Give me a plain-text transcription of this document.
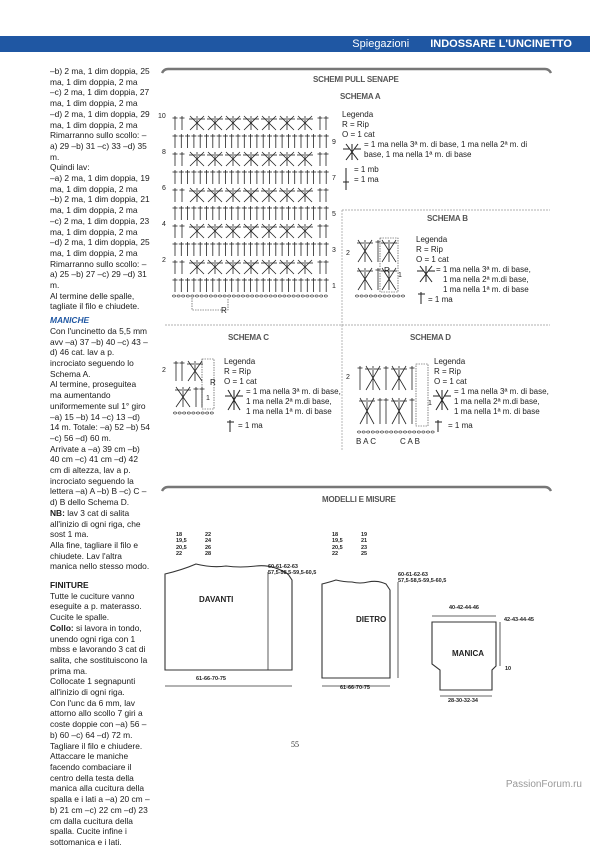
Spiegazioni INDOSSARE L'UNCINETTO

–b) 2 ma, 1 dim doppia, 25 ma, 1 dim doppia, 2 ma

–c) 2 ma, 1 dim doppia, 27 ma, 1 dim doppia, 2 ma

–d) 2 ma, 1 dim doppia, 29 ma, 1 dim doppia, 2 ma

Rimarranno sullo scollo: –a) 29 –b) 31 –c) 33 –d) 35 m.

Quindi lav:

–a) 2 ma, 1 dim doppia, 19 ma, 1 dim doppia, 2 ma

–b) 2 ma, 1 dim doppia, 21 ma, 1 dim doppia, 2 ma

–c) 2 ma, 1 dim doppia, 23 ma, 1 dim doppia, 2 ma

–d) 2 ma, 1 dim doppia, 25 ma, 1 dim doppia, 2 ma

Rimarranno sullo scollo: –a) 25 –b) 27 –c) 29 –d) 31 m.

Al termine delle spalle, tagliate il filo e chiudete.

MANICHE

Con l'uncinetto da 5,5 mm avv –a) 37 –b) 40 –c) 43 –d) 46 cat. lav a p. incrociato seguendo lo Schema A.

Al termine, proseguitea ma aumentando uniformemente sul 1° giro –a) 15 –b) 14 –c) 13 –d) 14 m. Totale: –a) 52 –b) 54 –c) 56 –d) 60 m.

Arrivate a –a) 39 cm –b) 40 cm –c) 41 cm –d) 42 cm di altezza, lav a p. incrociato seguendo la lettera –a) A –b) B –c) C –d) B dello Schema D.

NB: lav 3 cat di salita all'inizio di ogni riga, che sost 1 ma.

Alla fine, tagliare il filo e chiudete. Lav l'altra manica nello stesso modo.

FINITURE

Tutte le cuciture vanno eseguite a p. materasso.

Cucite le spalle.

Collo: si lavora in tondo, unendo ogni riga con 1 mbss e lavorando 3 cat di salita, che sostituiscono la prima ma.

Collocate 1 segnapunti all'inizio di ogni riga.

Con l'unc da 6 mm, lav attorno allo scollo 7 giri a coste doppie con –a) 56 –b) 60 –c) 64 –d) 72 m. Tagliare il filo e chiudere.

Attaccare le maniche facendo combaciare il centro della testa della manica alla cucitura della spalla e i lati a –a) 20 cm –b) 21 cm –c) 22 cm –d) 23 cm dalla cucitura della spalla. Cucite infine i sottomanica e i lati.

SCHEMI PULL SENAPE
SCHEMA A
SCHEMA B
SCHEMA C	SCHEMA D
10
8
6
4
2
9
7
5
3
1
R
Legenda
R = Rip
O = 1 cat
= 1 ma nella 3ª m. di base, 1 ma nella 2ª m. di base, 1 ma nella 1ª m. di base
= 1 mb
= 1 ma
2
1
R
Legenda
R = Rip
O = 1 cat
= 1 ma nella 3ª m. di base,
1 ma nella 2ª m.di base,
1 ma nella 1ª m. di base
= 1 ma
2
1
R
Legenda
R = Rip
O = 1 cat
= 1 ma nella 3ª m. di base,
1 ma nella 2ª m.di base,
1 ma nella 1ª m. di base
= 1 ma
2
1
B A C	C A B
Legenda
R = Rip
O = 1 cat
= 1 ma nella 3ª m. di base,
1 ma nella 2ª m.di base,
1 ma nella 1ª m. di base
= 1 ma
MODELLI E MISURE

18

19,5

20,5

22

22

24

26

28

18

19,5

20,5

22

19

21

23

25

60-61-62-63

57,5-58,5-59,5-60,5	60-61-62-63

57,5-58,5-59,5-60,5

61-66-70-75
61-66-70-75
40-42-44-46
42-43-44-45
10
28-30-32-34
DAVANTI
DIETRO
MANICA
55
PassionForum.ru
